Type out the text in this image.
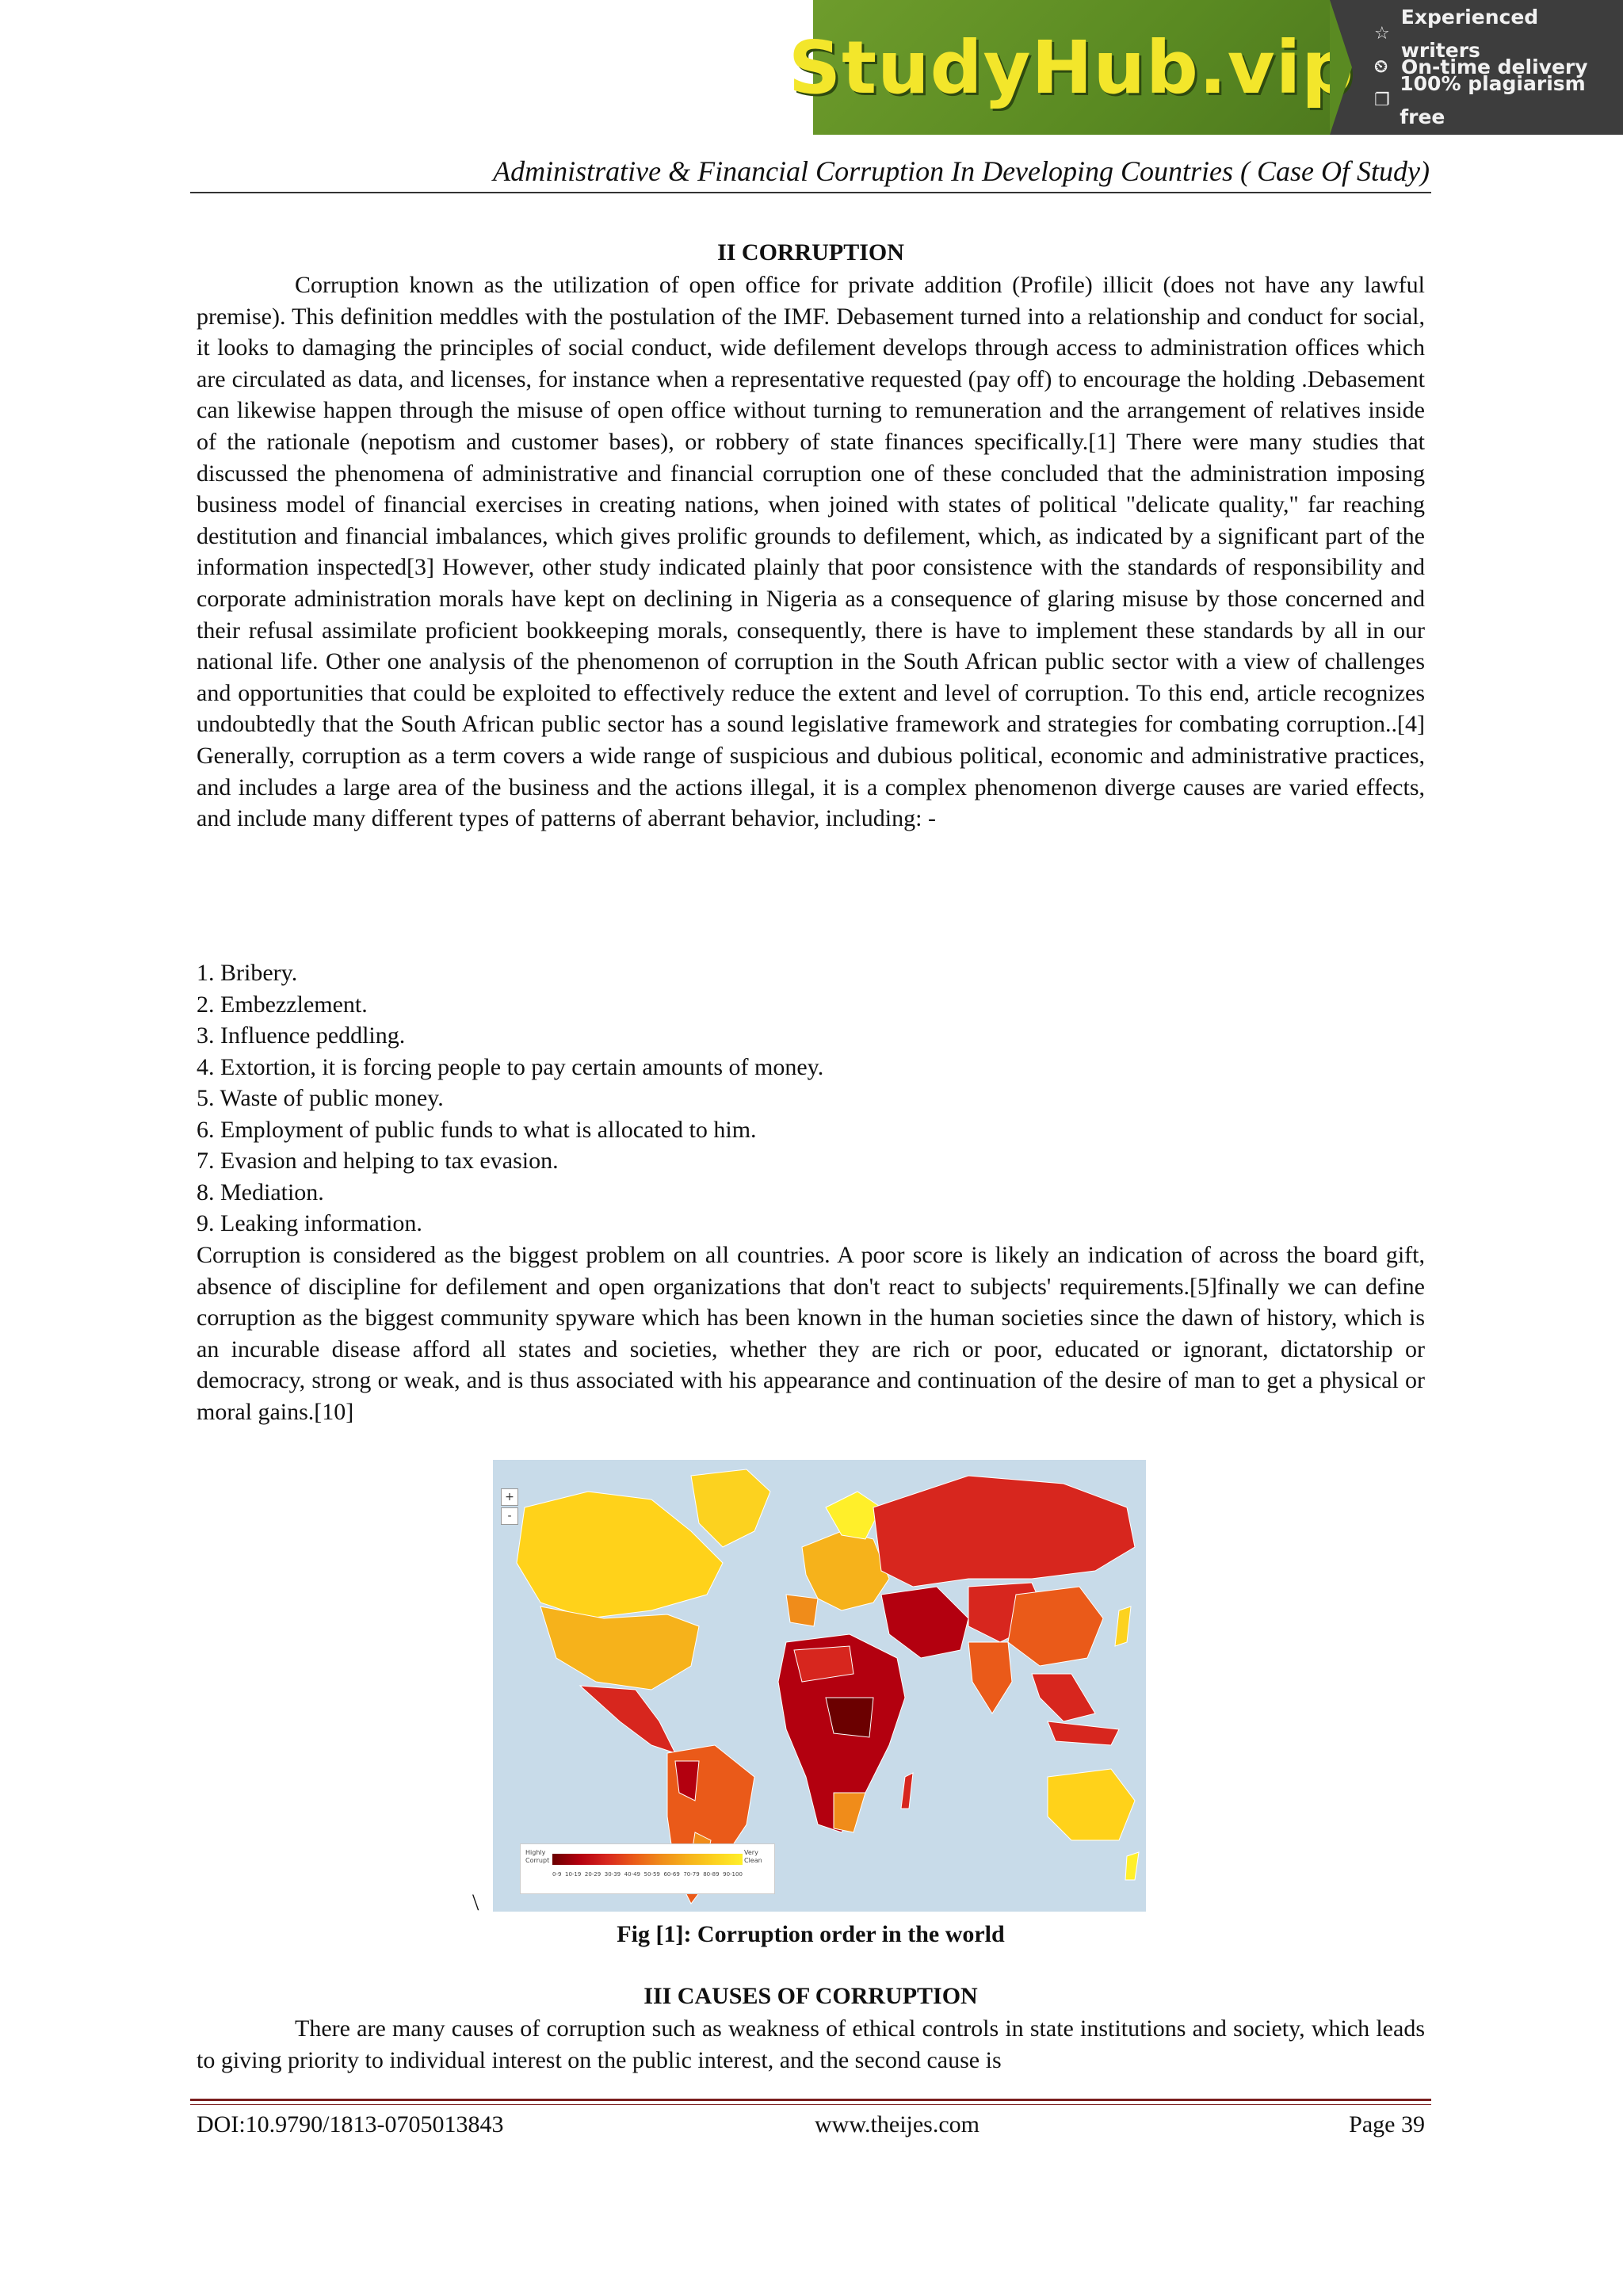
StudyHub.vip ☆
Experienced writers
⏲ On-time delivery
❐
100% plagiarism free
Administrative & Financial Corruption In Developing Countries ( Case Of Study)
II CORRUPTION

Corruption known as the utilization of open office for private addition (Profile) illicit (does not have any lawful premise). This definition meddles with the postulation of the IMF. Debasement turned into a relationship and conduct for social, it looks to damaging the principles of social conduct, wide defilement develops through access to administration offices which are circulated as data, and licenses, for instance when a representative requested (pay off) to encourage the holding .Debasement can likewise happen through the misuse of open office without turning to remuneration and the arrangement of relatives inside of the rationale (nepotism and customer bases), or robbery of state finances specifically.[1] There were many studies that discussed the phenomena of administrative and financial corruption one of these concluded that the administration imposing business model of financial exercises in creating nations, when joined with states of political "delicate quality," far reaching destitution and financial imbalances, which gives prolific grounds to defilement, which, as indicated by a significant part of the information inspected[3] However, other study indicated plainly that poor consistence with the standards of responsibility and corporate administration morals have kept on declining in Nigeria as a consequence of glaring misuse by those concerned and their refusal assimilate proficient bookkeeping morals, consequently, there is have to implement these standards by all in our national life. Other one analysis of the phenomenon of corruption in the South African public sector with a view of challenges and opportunities that could be exploited to effectively reduce the extent and level of corruption. To this end, article recognizes undoubtedly that the South African public sector has a sound legislative framework and strategies for combating corruption..[4] Generally, corruption as a term covers a wide range of suspicious and dubious political, economic and administrative practices, and includes a large area of the business and the actions illegal, it is a complex phenomenon diverge causes are varied effects, and include many different types of patterns of aberrant behavior, including: -

1. Bribery.
2. Embezzlement.
3. Influence peddling.
4. Extortion, it is forcing people to pay certain amounts of money.
5. Waste of public money.
6. Employment of public funds to what is allocated to him.
7. Evasion and helping to tax evasion.
8. Mediation.
9. Leaking information.

Corruption is considered as the biggest problem on all countries. A poor score is likely an indication of across the board gift, absence of discipline for defilement and open organizations that don't react to subjects' requirements.[5]finally we can define corruption as the biggest community spyware which has been known in the human societies since the dawn of history, which is an incurable disease afford all states and societies, whether they are rich or poor, educated or ignorant, dictatorship or democracy, strong or weak, and is thus associated with his appearance and continuation of the desire of man to get a physical or moral gains.[10]

+
-
Highly Corrupt
Very Clean
0-9 10-19 20-29 30-39 40-49 50-59 60-69 70-79 80-89 90-100
\
Fig [1]: Corruption order in the world
III CAUSES OF CORRUPTION

There are many causes of corruption such as weakness of ethical controls in state institutions and society, which leads to giving priority to individual interest on the public interest, and the second cause is

DOI:10.9790/1813-0705013843	www.theijes.com	Page 39
